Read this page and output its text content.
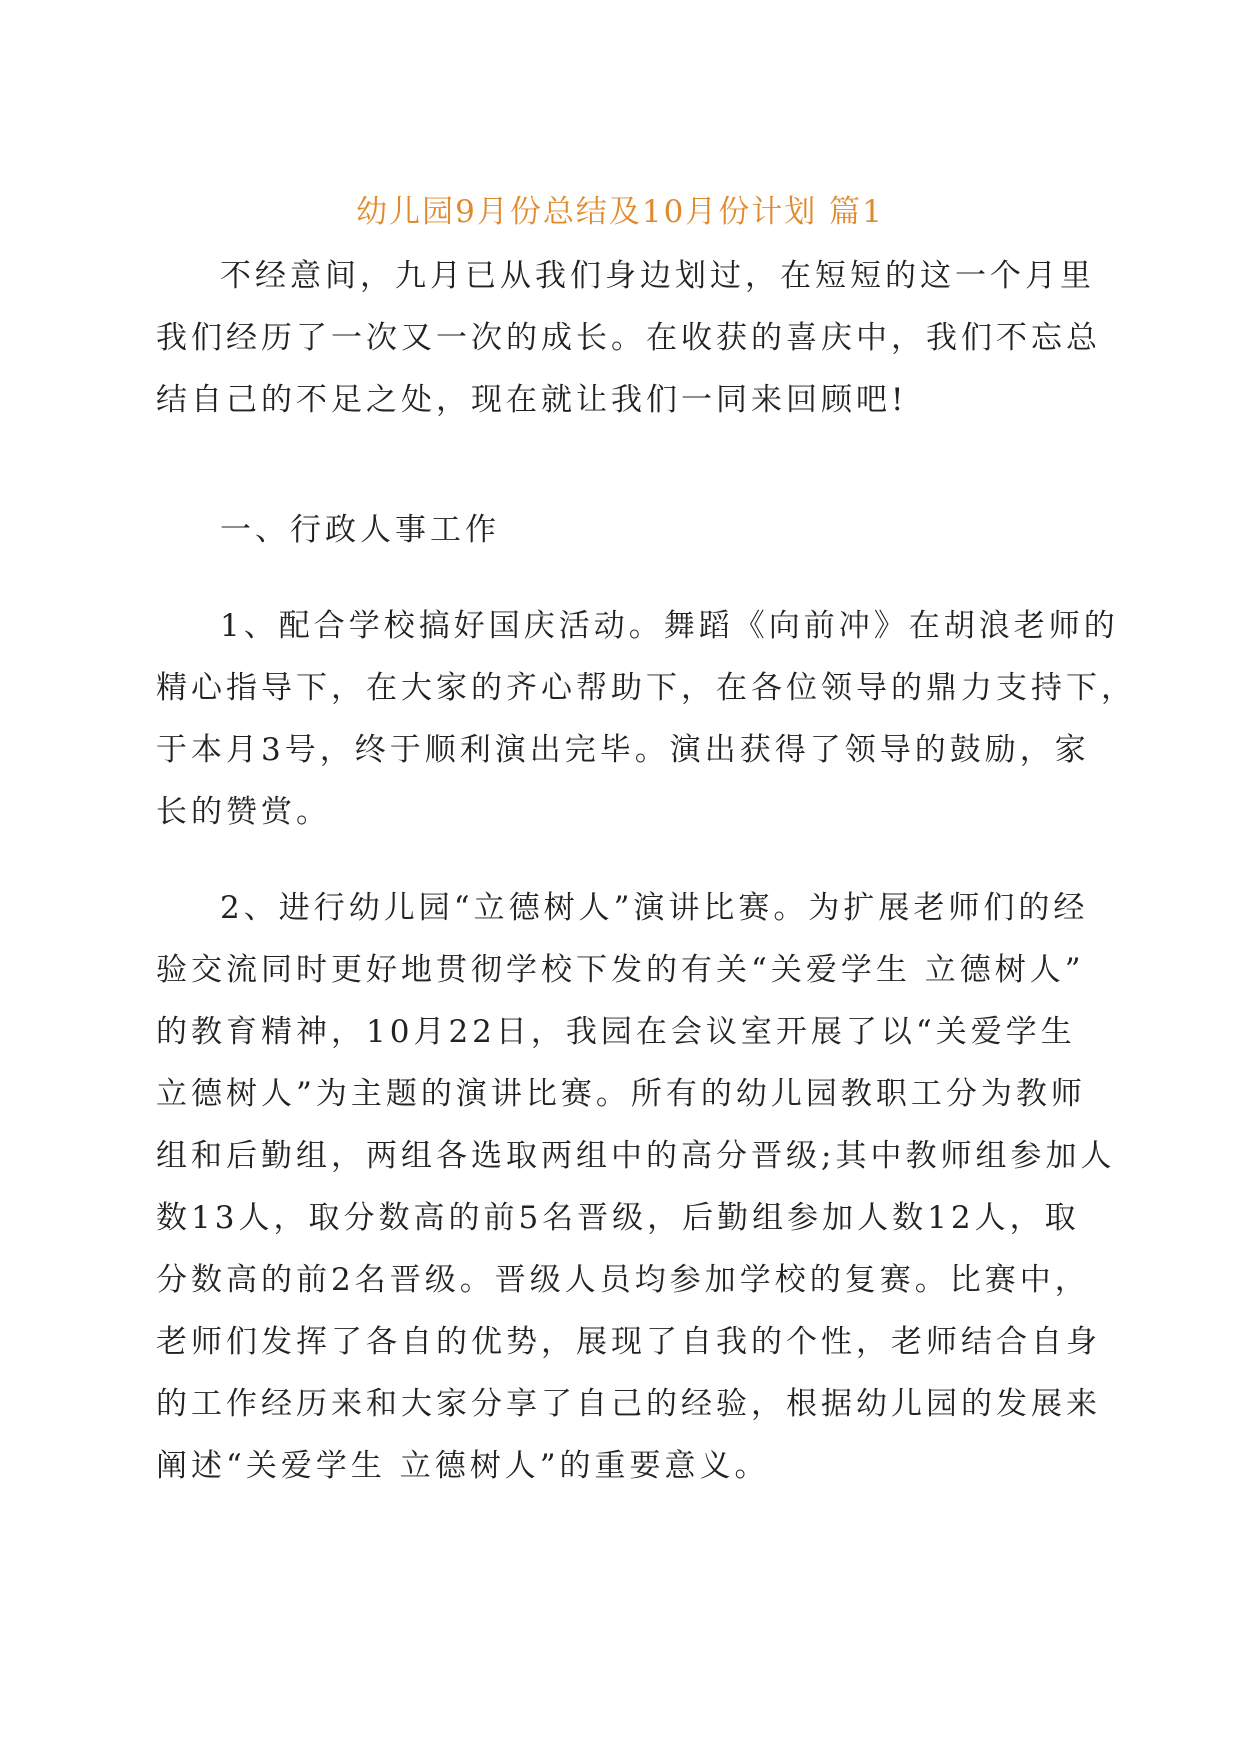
幼儿园9月份总结及10月份计划 篇1

不经意间，九月已从我们身边划过，在短短的这一个月里

我们经历了一次又一次的成长。在收获的喜庆中，我们不忘总

结自己的不足之处，现在就让我们一同来回顾吧!

一、行政人事工作

1、配合学校搞好国庆活动。舞蹈《向前冲》在胡浪老师的

精心指导下，在大家的齐心帮助下，在各位领导的鼎力支持下，

于本月3号，终于顺利演出完毕。演出获得了领导的鼓励，家

长的赞赏。

2、进行幼儿园“立德树人”演讲比赛。为扩展老师们的经

验交流同时更好地贯彻学校下发的有关“关爱学生 立德树人”

的教育精神，10月22日，我园在会议室开展了以“关爱学生

立德树人”为主题的演讲比赛。所有的幼儿园教职工分为教师

组和后勤组，两组各选取两组中的高分晋级;其中教师组参加人

数13人，取分数高的前5名晋级，后勤组参加人数12人，取

分数高的前2名晋级。晋级人员均参加学校的复赛。比赛中，

老师们发挥了各自的优势，展现了自我的个性，老师结合自身

的工作经历来和大家分享了自己的经验，根据幼儿园的发展来

阐述“关爱学生 立德树人”的重要意义。
